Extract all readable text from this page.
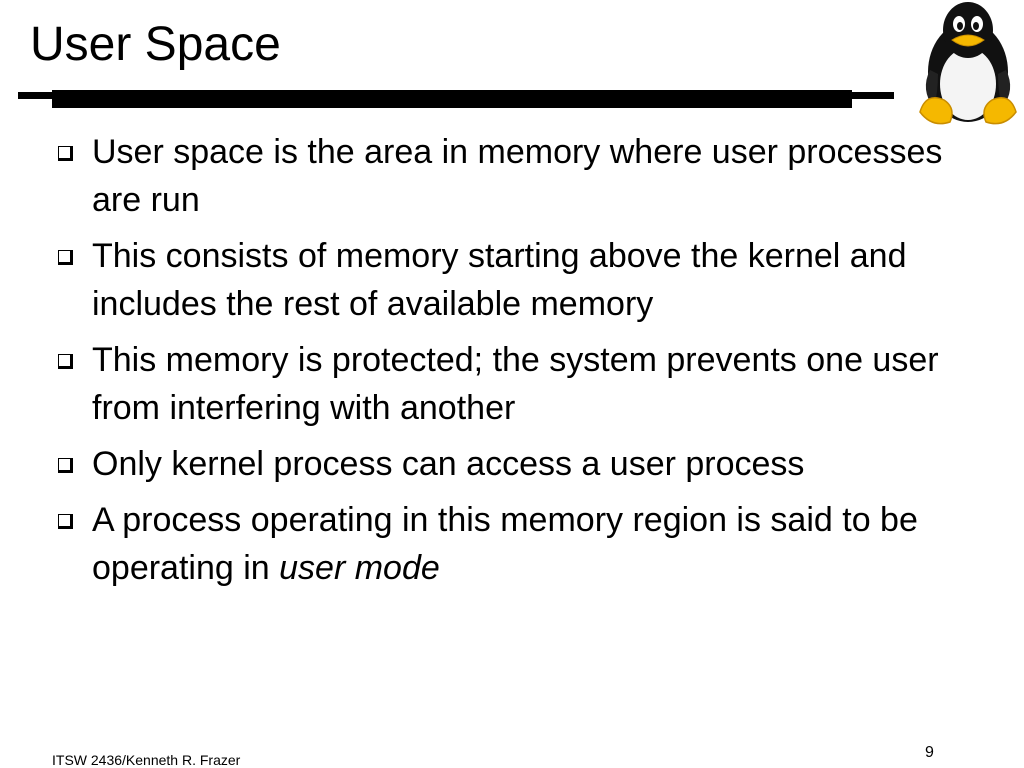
User Space
User space is the area in memory where user processes are run
This consists of memory starting above the kernel and includes the rest of available memory
This memory is protected; the system prevents one user from interfering with another
Only kernel process can access a user process
A process operating in this memory region is said to be operating in user mode
ITSW 2436/Kenneth R. Frazer	9
